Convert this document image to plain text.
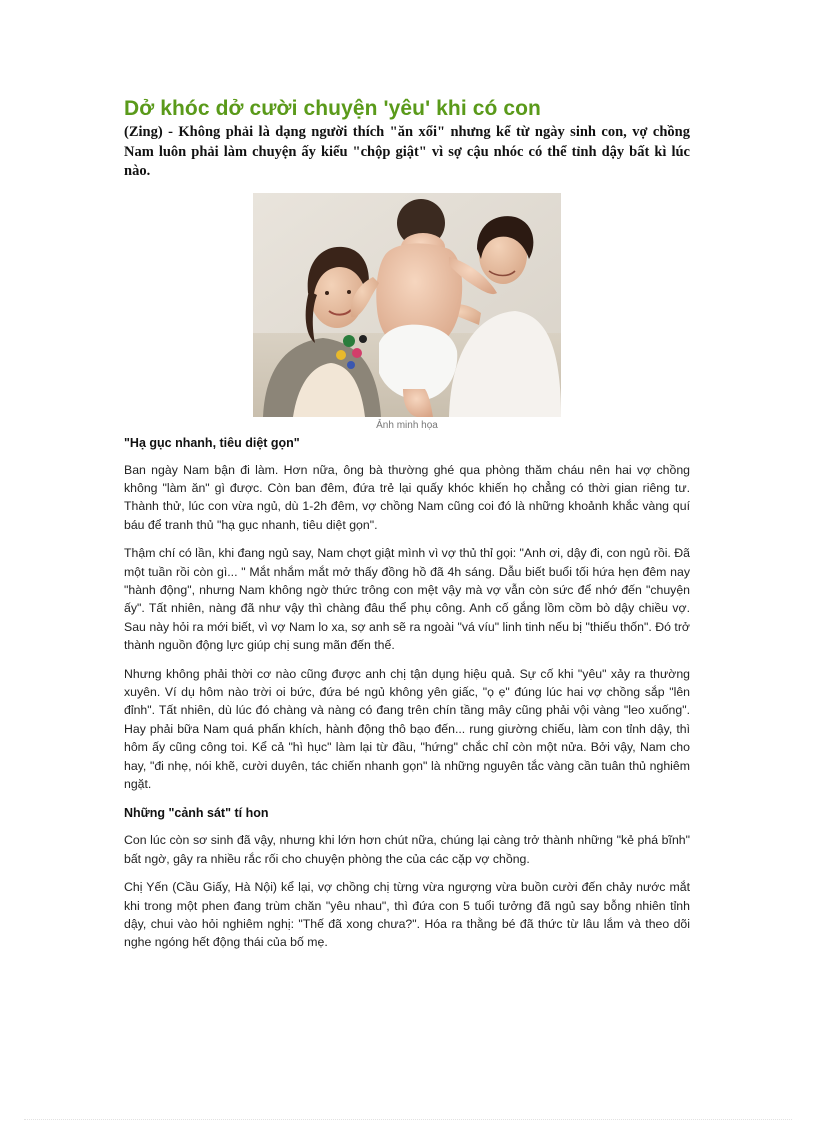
Dở khóc dở cười chuyện 'yêu' khi có con
(Zing) - Không phải là dạng người thích "ăn xổi" nhưng kể từ ngày sinh con, vợ chồng Nam luôn phải làm chuyện ấy kiểu "chộp giật" vì sợ cậu nhóc có thể tỉnh dậy bất kì lúc nào.
Ảnh minh họa
"Hạ gục nhanh, tiêu diệt gọn"

Ban ngày Nam bận đi làm. Hơn nữa, ông bà thường ghé qua phòng thăm cháu nên hai vợ chồng không "làm ăn" gì được. Còn ban đêm, đứa trẻ lại quấy khóc khiến họ chẳng có thời gian riêng tư. Thành thử, lúc con vừa ngủ, dù 1-2h đêm, vợ chồng Nam cũng coi đó là những khoảnh khắc vàng quí báu để tranh thủ "hạ gục nhanh, tiêu diệt gọn".

Thậm chí có lần, khi đang ngủ say, Nam chợt giật mình vì vợ thủ thỉ gọi: "Anh ơi, dậy đi, con ngủ rồi. Đã một tuần rồi còn gì... " Mắt nhắm mắt mở thấy đồng hồ đã 4h sáng. Dẫu biết buổi tối hứa hẹn đêm nay "hành động", nhưng Nam không ngờ thức trông con mệt vậy mà vợ vẫn còn sức để nhớ đến "chuyện ấy". Tất nhiên, nàng đã như vậy thì chàng đâu thể phụ công. Anh cố gắng lồm cồm bò dậy chiều vợ. Sau này hỏi ra mới biết, vì vợ Nam lo xa, sợ anh sẽ ra ngoài "vá víu" linh tinh nếu bị "thiếu thốn". Đó trở thành nguồn động lực giúp chị sung mãn đến thế.

Nhưng không phải thời cơ nào cũng được anh chị tận dụng hiệu quả. Sự cố khi "yêu" xảy ra thường xuyên. Ví dụ hôm nào trời oi bức, đứa bé ngủ không yên giấc, "ọ ẹ" đúng lúc hai vợ chồng sắp "lên đỉnh". Tất nhiên, dù lúc đó chàng và nàng có đang trên chín tầng mây cũng phải vội vàng "leo xuống". Hay phải bữa Nam quá phấn khích, hành động thô bạo đến... rung giường chiếu, làm con tỉnh dậy, thì hôm ấy cũng công toi. Kể cả "hì hục" làm lại từ đầu, "hứng" chắc chỉ còn một nửa. Bởi vậy, Nam cho hay, "đi nhẹ, nói khẽ, cười duyên, tác chiến nhanh gọn" là những nguyên tắc vàng cần tuân thủ nghiêm ngặt.

Những "cảnh sát" tí hon

Con lúc còn sơ sinh đã vậy, nhưng khi lớn hơn chút nữa, chúng lại càng trở thành những "kẻ phá bĩnh" bất ngờ, gây ra nhiều rắc rối cho chuyện phòng the của các cặp vợ chồng.

Chị Yến (Cầu Giấy, Hà Nội) kể lại, vợ chồng chị từng vừa ngượng vừa buồn cười đến chảy nước mắt khi trong một phen đang trùm chăn "yêu nhau", thì đứa con 5 tuổi tưởng đã ngủ say bỗng nhiên tỉnh dậy, chui vào hỏi nghiêm nghị: "Thế đã xong chưa?". Hóa ra thằng bé đã thức từ lâu lắm và theo dõi nghe ngóng hết động thái của bố mẹ.
